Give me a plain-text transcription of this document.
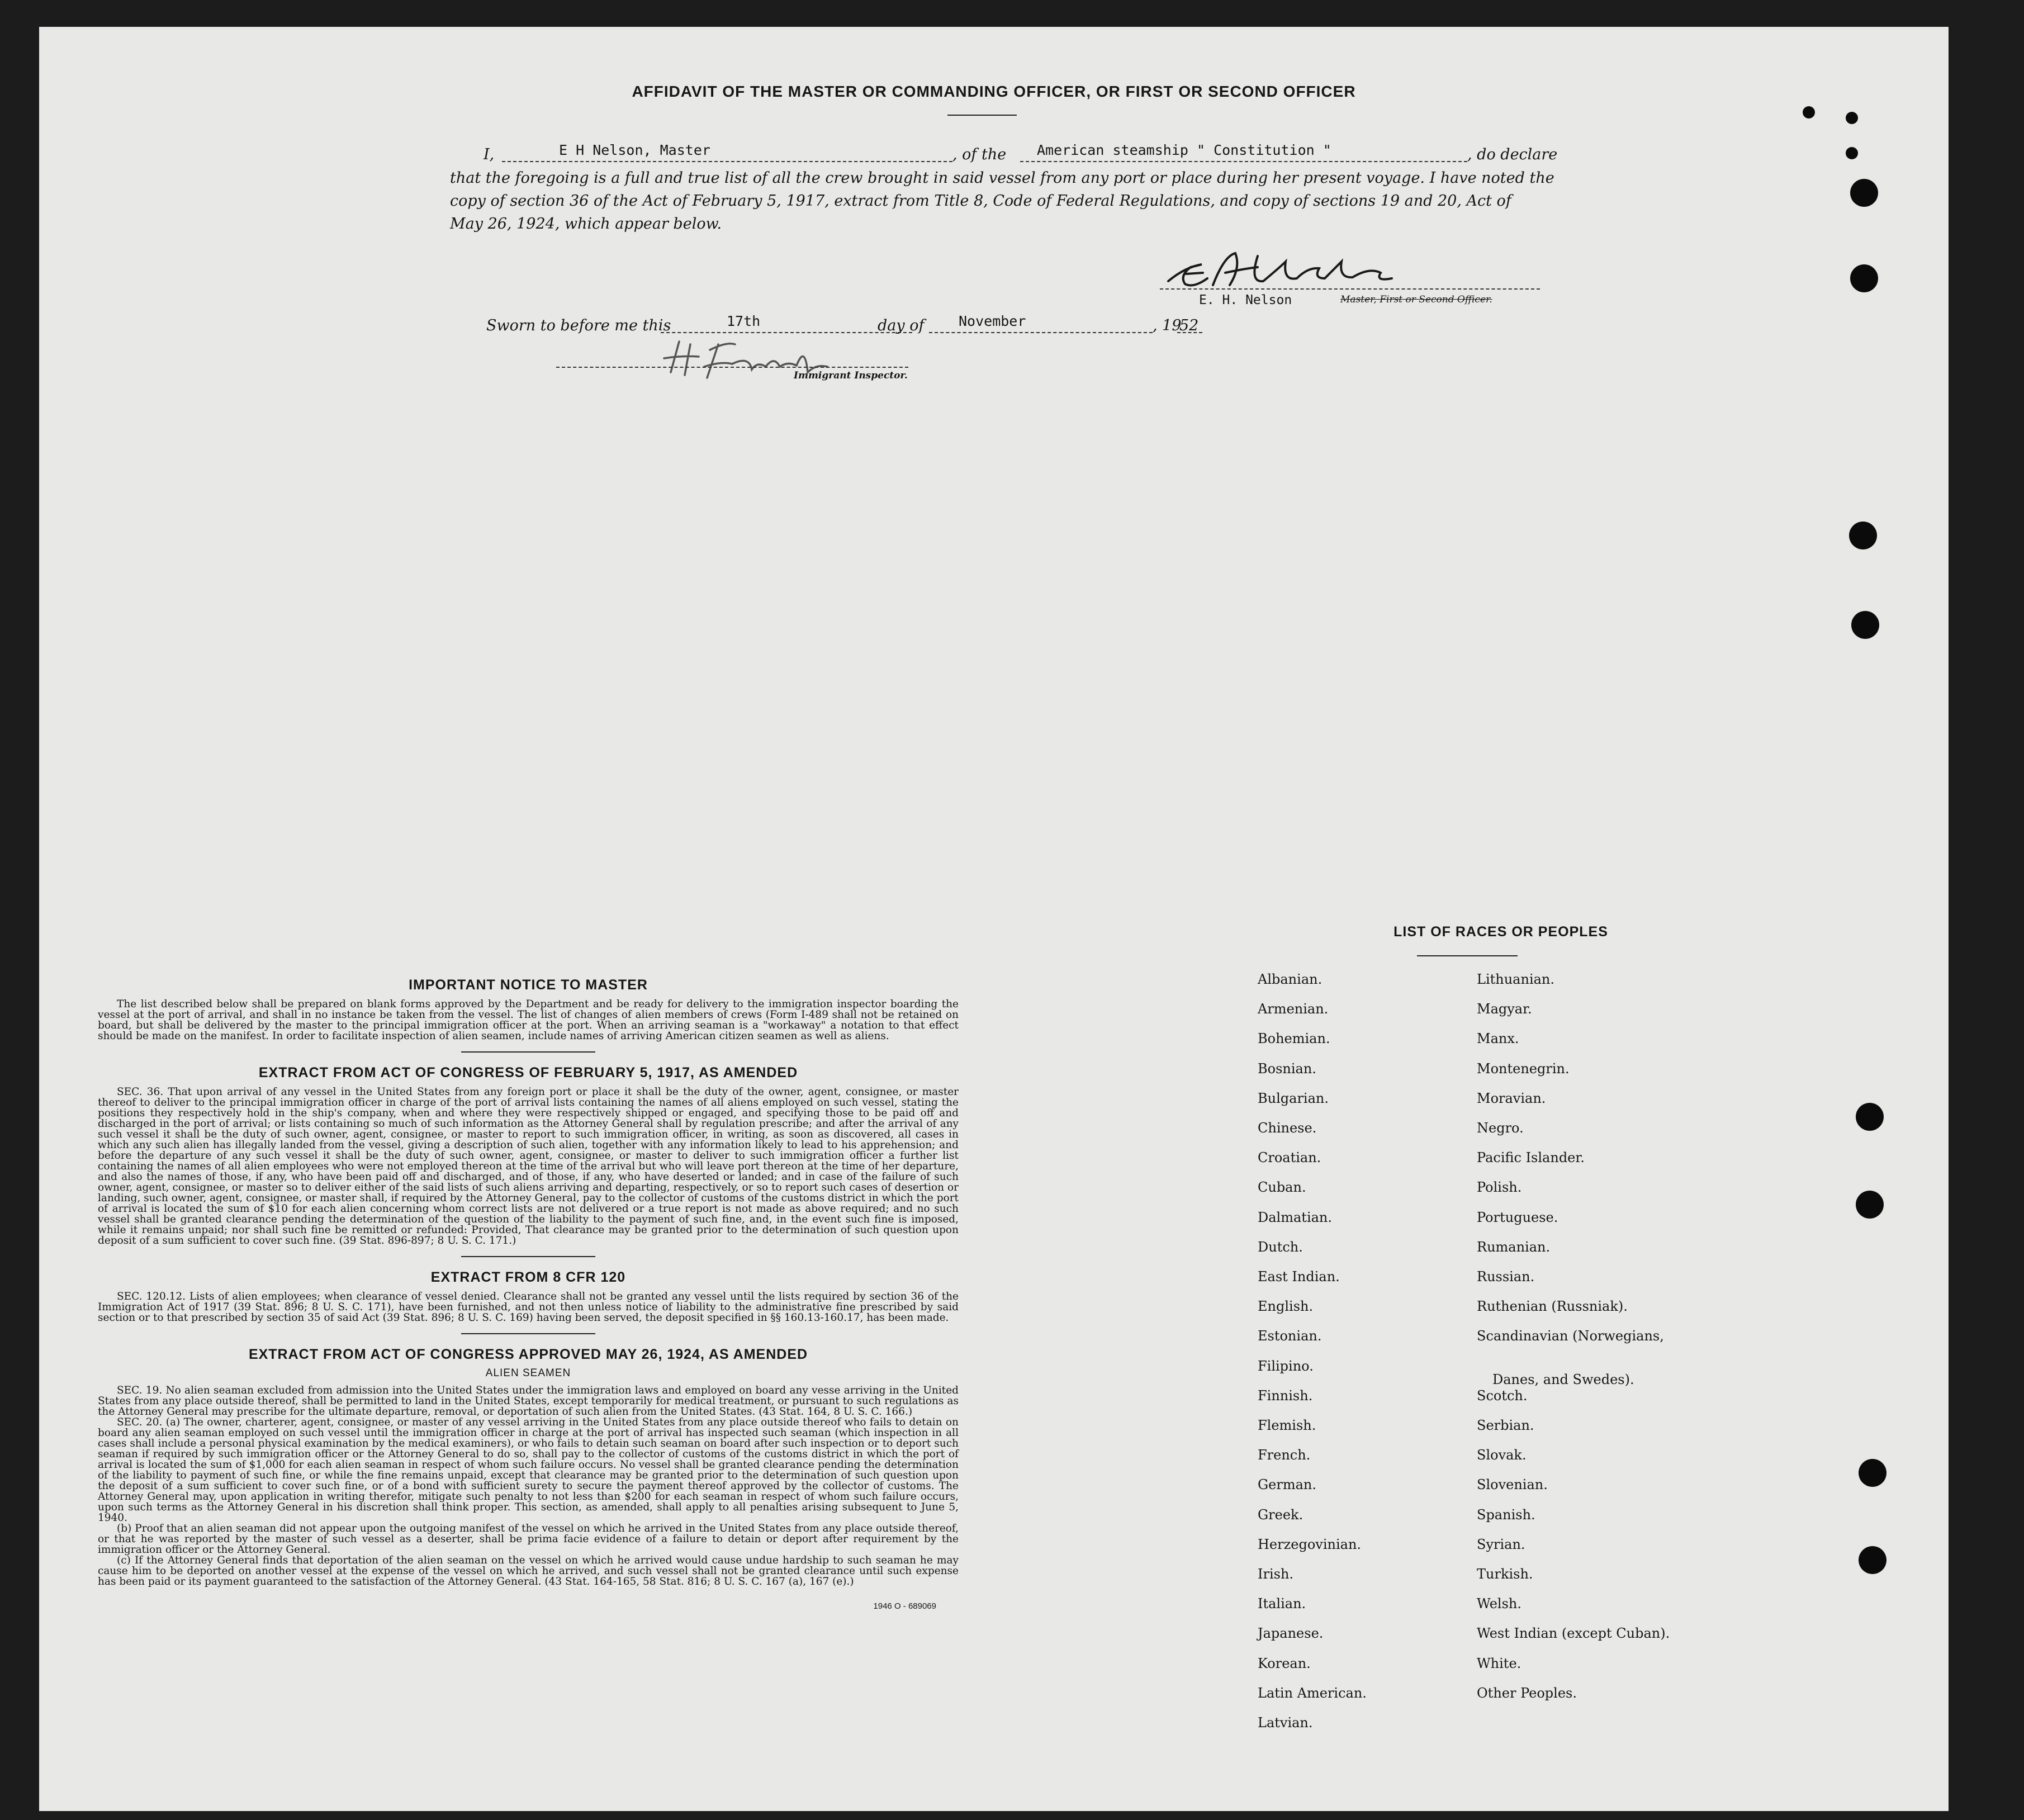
AFFIDAVIT OF THE MASTER OR COMMANDING OFFICER, OR FIRST OR SECOND OFFICER
I,	E H Nelson, Master	, of the American steamship " Constitution "	, do declare
that the foregoing is a full and true list of all the crew brought in said vessel from any port or place during her present voyage. I have noted the
copy of section 36 of the Act of February 5, 1917, extract from Title 8, Code of Federal Regulations, and copy of sections 19 and 20, Act of
May 26, 1924, which appear below.
E. H. Nelson	Master, First or Second Officer.
Sworn to before me this	17th	day of November	, 19
52
Immigrant Inspector.
IMPORTANT NOTICE TO MASTER
The list described below shall be prepared on blank forms approved by the Department and be ready for delivery to the immigration inspector boarding the vessel at the port of arrival, and shall in no instance be taken from the vessel. The list of changes of alien members of crews (Form I-489 shall not be retained on board, but shall be delivered by the master to the principal immigration officer at the port. When an arriving seaman is a "workaway" a notation to that effect should be made on the manifest. In order to facilitate inspection of alien seamen, include names of arriving American citizen seamen as well as aliens.
EXTRACT FROM ACT OF CONGRESS OF FEBRUARY 5, 1917, AS AMENDED
SEC. 36. That upon arrival of any vessel in the United States from any foreign port or place it shall be the duty of the owner, agent, consignee, or master thereof to deliver to the principal immigration officer in charge of the port of arrival lists containing the names of all aliens employed on such vessel, stating the positions they respectively hold in the ship's company, when and where they were respectively shipped or engaged, and specifying those to be paid off and discharged in the port of arrival; or lists containing so much of such information as the Attorney General shall by regulation prescribe; and after the arrival of any such vessel it shall be the duty of such owner, agent, consignee, or master to report to such immigration officer, in writing, as soon as discovered, all cases in which any such alien has illegally landed from the vessel, giving a description of such alien, together with any information likely to lead to his apprehension; and before the departure of any such vessel it shall be the duty of such owner, agent, consignee, or master to deliver to such immigration officer a further list containing the names of all alien employees who were not employed thereon at the time of the arrival but who will leave port thereon at the time of her departure, and also the names of those, if any, who have been paid off and discharged, and of those, if any, who have deserted or landed; and in case of the failure of such owner, agent, consignee, or master so to deliver either of the said lists of such aliens arriving and departing, respectively, or so to report such cases of desertion or landing, such owner, agent, consignee, or master shall, if required by the Attorney General, pay to the collector of customs of the customs district in which the port of arrival is located the sum of $10 for each alien concerning whom correct lists are not delivered or a true report is not made as above required; and no such vessel shall be granted clearance pending the determination of the question of the liability to the payment of such fine, and, in the event such fine is imposed, while it remains unpaid; nor shall such fine be remitted or refunded: Provided, That clearance may be granted prior to the determination of such question upon deposit of a sum sufficient to cover such fine. (39 Stat. 896-897; 8 U. S. C. 171.)
EXTRACT FROM 8 CFR 120
SEC. 120.12. Lists of alien employees; when clearance of vessel denied. Clearance shall not be granted any vessel until the lists required by section 36 of the Immigration Act of 1917 (39 Stat. 896; 8 U. S. C. 171), have been furnished, and not then unless notice of liability to the administrative fine prescribed by said section or to that prescribed by section 35 of said Act (39 Stat. 896; 8 U. S. C. 169) having been served, the deposit specified in §§ 160.13-160.17, has been made.
EXTRACT FROM ACT OF CONGRESS APPROVED MAY 26, 1924, AS AMENDED
ALIEN SEAMEN
SEC. 19. No alien seaman excluded from admission into the United States under the immigration laws and employed on board any vesse arriving in the United States from any place outside thereof, shall be permitted to land in the United States, except temporarily for medical treatment, or pursuant to such regulations as the Attorney General may prescribe for the ultimate departure, removal, or deportation of such alien from the United States. (43 Stat. 164, 8 U. S. C. 166.)
SEC. 20. (a) The owner, charterer, agent, consignee, or master of any vessel arriving in the United States from any place outside thereof who fails to detain on board any alien seaman employed on such vessel until the immigration officer in charge at the port of arrival has inspected such seaman (which inspection in all cases shall include a personal physical examination by the medical examiners), or who fails to detain such seaman on board after such inspection or to deport such seaman if required by such immigration officer or the Attorney General to do so, shall pay to the collector of customs of the customs district in which the port of arrival is located the sum of $1,000 for each alien seaman in respect of whom such failure occurs. No vessel shall be granted clearance pending the determination of the liability to payment of such fine, or while the fine remains unpaid, except that clearance may be granted prior to the determination of such question upon the deposit of a sum sufficient to cover such fine, or of a bond with sufficient surety to secure the payment thereof approved by the collector of customs. The Attorney General may, upon application in writing therefor, mitigate such penalty to not less than $200 for each seaman in respect of whom such failure occurs, upon such terms as the Attorney General in his discretion shall think proper. This section, as amended, shall apply to all penalties arising subsequent to June 5, 1940.
(b) Proof that an alien seaman did not appear upon the outgoing manifest of the vessel on which he arrived in the United States from any place outside thereof, or that he was reported by the master of such vessel as a deserter, shall be prima facie evidence of a failure to detain or deport after requirement by the immigration officer or the Attorney General.
(c) If the Attorney General finds that deportation of the alien seaman on the vessel on which he arrived would cause undue hardship to such seaman he may cause him to be deported on another vessel at the expense of the vessel on which he arrived, and such vessel shall not be granted clearance until such expense has been paid or its payment guaranteed to the satisfaction of the Attorney General. (43 Stat. 164-165, 58 Stat. 816; 8 U. S. C. 167 (a), 167 (e).)
1946 O - 689069
LIST OF RACES OR PEOPLES
Albanian.
Armenian.
Bohemian.
Bosnian.
Bulgarian.
Chinese.
Croatian.
Cuban.
Dalmatian.
Dutch.
East Indian.
English.
Estonian.
Filipino.
Finnish.
Flemish.
French.
German.
Greek.
Herzegovinian.
Irish.
Italian.
Japanese.
Korean.
Latin American.
Latvian.
Lithuanian.
Magyar.
Manx.
Montenegrin.
Moravian.
Negro.
Pacific Islander.
Polish.
Portuguese.
Rumanian.
Russian.
Ruthenian (Russniak).
Scandinavian (Norwegians,
Danes, and Swedes).
Scotch.
Serbian.
Slovak.
Slovenian.
Spanish.
Syrian.
Turkish.
Welsh.
West Indian (except Cuban).
White.
Other Peoples.
